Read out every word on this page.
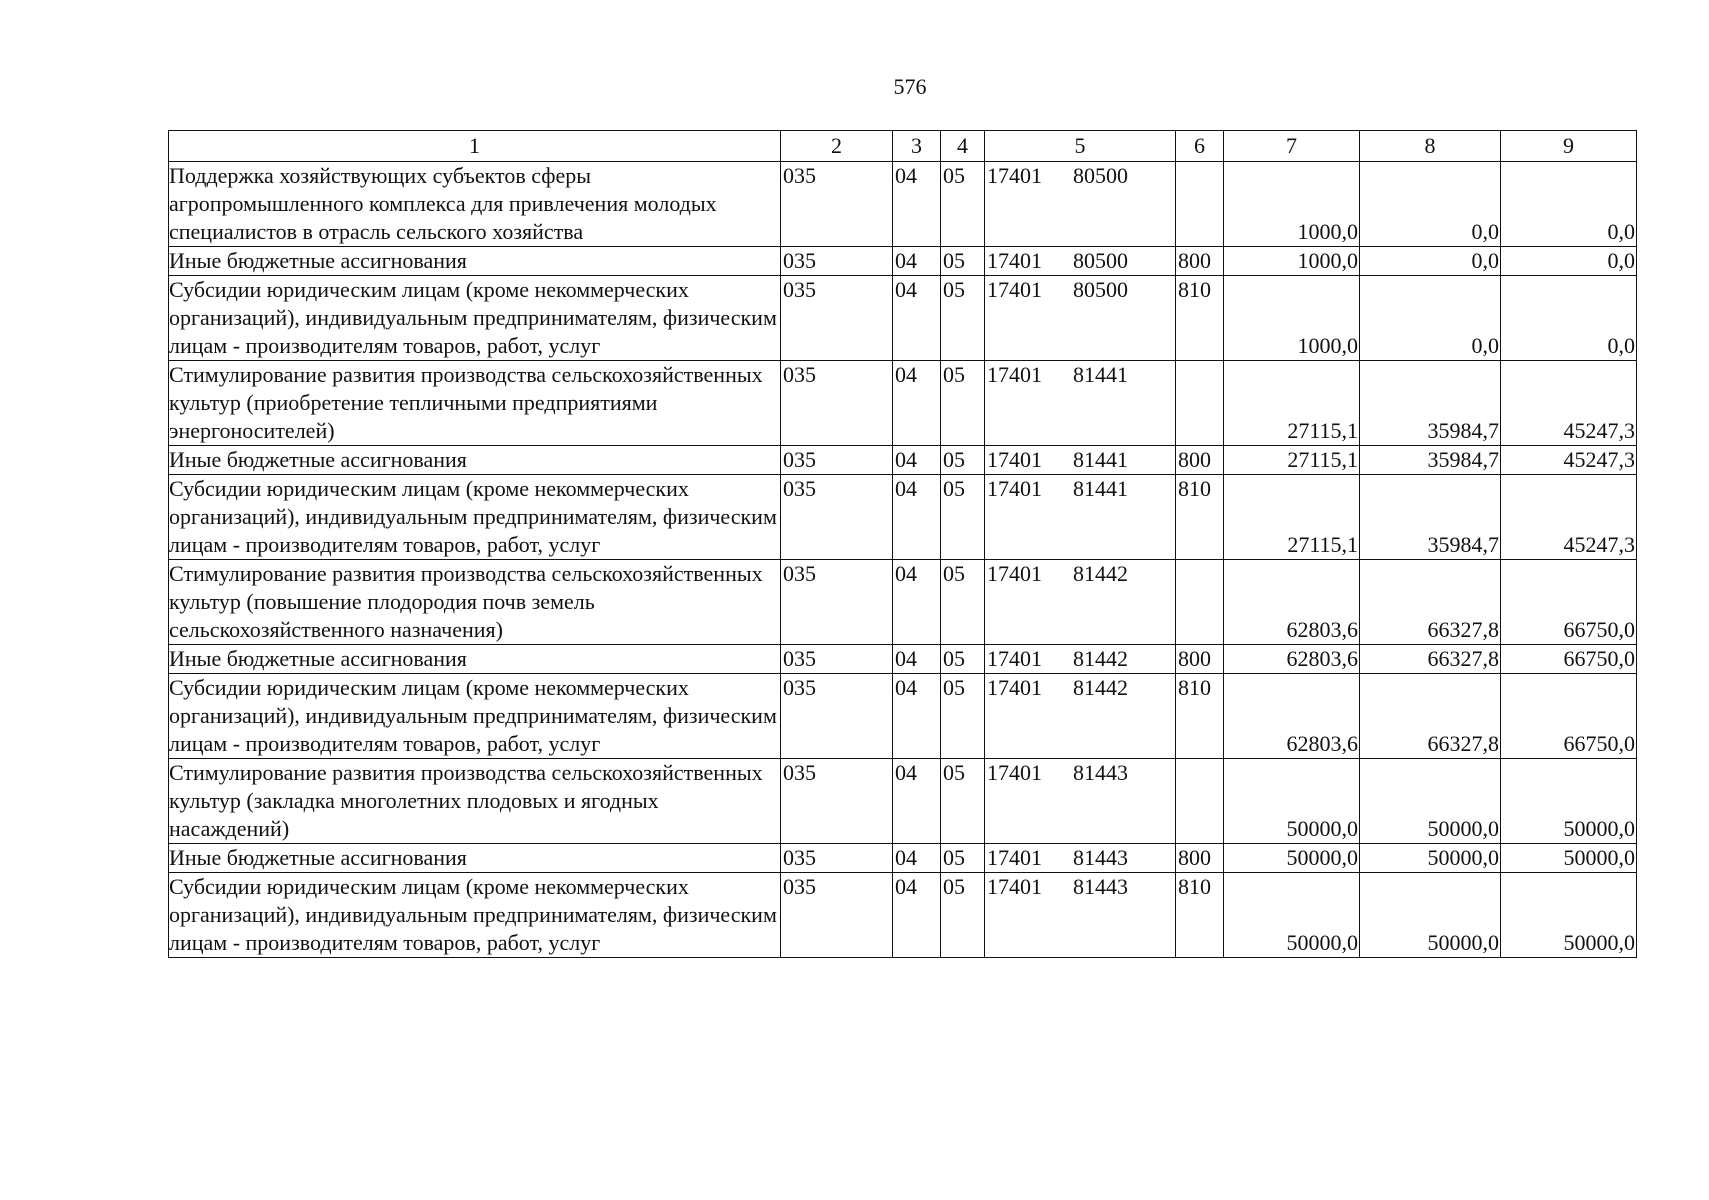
576
1	2	3	4	5	6	7	8	9
Поддержка хозяйствующих субъектов сферы агропромышленного комплекса для привлечения молодых специалистов в отрасль сельского хозяйства	035	04	05	17401 80500		1000,0	0,0	0,0
Иные бюджетные ассигнования	035	04	05	17401 80500	800	1000,0	0,0	0,0
Субсидии юридическим лицам (кроме некоммерческих организаций), индивидуальным предпринимателям, физическим лицам - производителям товаров, работ, услуг	035	04	05	17401 80500	810	1000,0	0,0	0,0
Стимулирование развития производства сельскохозяйственных культур (приобретение тепличными предприятиями энергоносителей)	035	04	05	17401 81441		27115,1	35984,7	45247,3
Иные бюджетные ассигнования	035	04	05	17401 81441	800	27115,1	35984,7	45247,3
Субсидии юридическим лицам (кроме некоммерческих организаций), индивидуальным предпринимателям, физическим лицам - производителям товаров, работ, услуг	035	04	05	17401 81441	810	27115,1	35984,7	45247,3
Стимулирование развития производства сельскохозяйственных культур (повышение плодородия почв земель сельскохозяйственного назначения)	035	04	05	17401 81442		62803,6	66327,8	66750,0
Иные бюджетные ассигнования	035	04	05	17401 81442	800	62803,6	66327,8	66750,0
Субсидии юридическим лицам (кроме некоммерческих организаций), индивидуальным предпринимателям, физическим лицам - производителям товаров, работ, услуг	035	04	05	17401 81442	810	62803,6	66327,8	66750,0
Стимулирование развития производства сельскохозяйственных культур (закладка многолетних плодовых и ягодных насаждений)	035	04	05	17401 81443		50000,0	50000,0	50000,0
Иные бюджетные ассигнования	035	04	05	17401 81443	800	50000,0	50000,0	50000,0
Субсидии юридическим лицам (кроме некоммерческих организаций), индивидуальным предпринимателям, физическим лицам - производителям товаров, работ, услуг	035	04	05	17401 81443	810	50000,0	50000,0	50000,0
